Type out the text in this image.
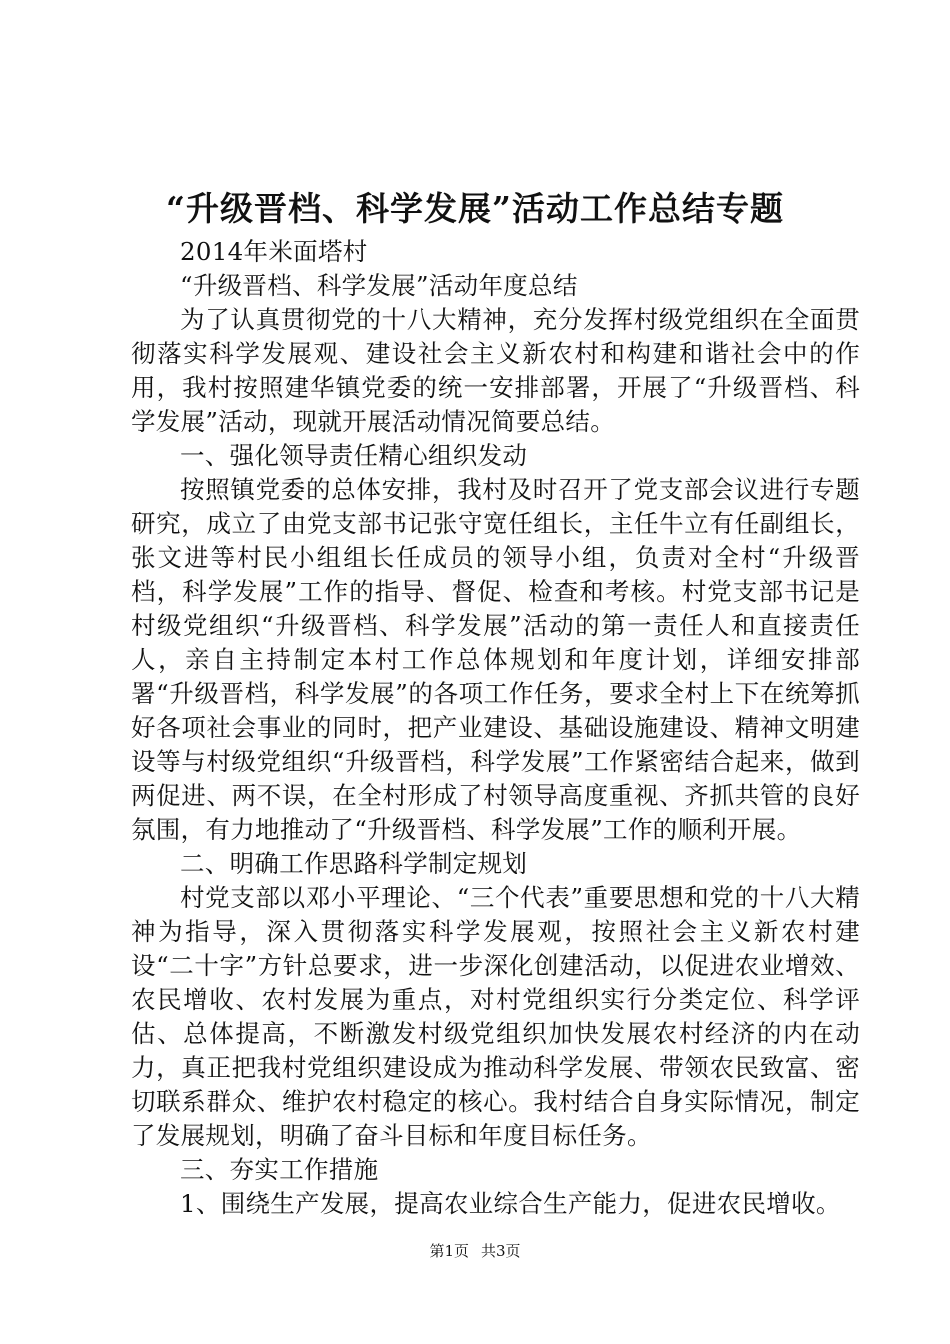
“升级晋档、科学发展”活动工作总结专题

2014年米面塔村

“升级晋档、科学发展”活动年度总结

为了认真贯彻党的十八大精神，充分发挥村级党组织在全面贯彻落实科学发展观、建设社会主义新农村和构建和谐社会中的作用，我村按照建华镇党委的统一安排部署，开展了“升级晋档、科学发展”活动，现就开展活动情况简要总结。

一、强化领导责任精心组织发动

按照镇党委的总体安排，我村及时召开了党支部会议进行专题研究，成立了由党支部书记张守宽任组长，主任牛立有任副组长，张文进等村民小组组长任成员的领导小组，负责对全村“升级晋档，科学发展”工作的指导、督促、检查和考核。村党支部书记是村级党组织“升级晋档、科学发展”活动的第一责任人和直接责任人，亲自主持制定本村工作总体规划和年度计划，详细安排部署“升级晋档，科学发展”的各项工作任务，要求全村上下在统筹抓好各项社会事业的同时，把产业建设、基础设施建设、精神文明建设等与村级党组织“升级晋档，科学发展”工作紧密结合起来，做到两促进、两不误，在全村形成了村领导高度重视、齐抓共管的良好氛围，有力地推动了“升级晋档、科学发展”工作的顺利开展。

二、明确工作思路科学制定规划

村党支部以邓小平理论、“三个代表”重要思想和党的十八大精神为指导，深入贯彻落实科学发展观，按照社会主义新农村建设“二十字”方针总要求，进一步深化创建活动，以促进农业增效、农民增收、农村发展为重点，对村党组织实行分类定位、科学评估、总体提高，不断激发村级党组织加快发展农村经济的内在动力，真正把我村党组织建设成为推动科学发展、带领农民致富、密切联系群众、维护农村稳定的核心。我村结合自身实际情况，制定了发展规划，明确了奋斗目标和年度目标任务。

三、夯实工作措施

1、围绕生产发展，提高农业综合生产能力，促进农民增收。

第1页 共3页
